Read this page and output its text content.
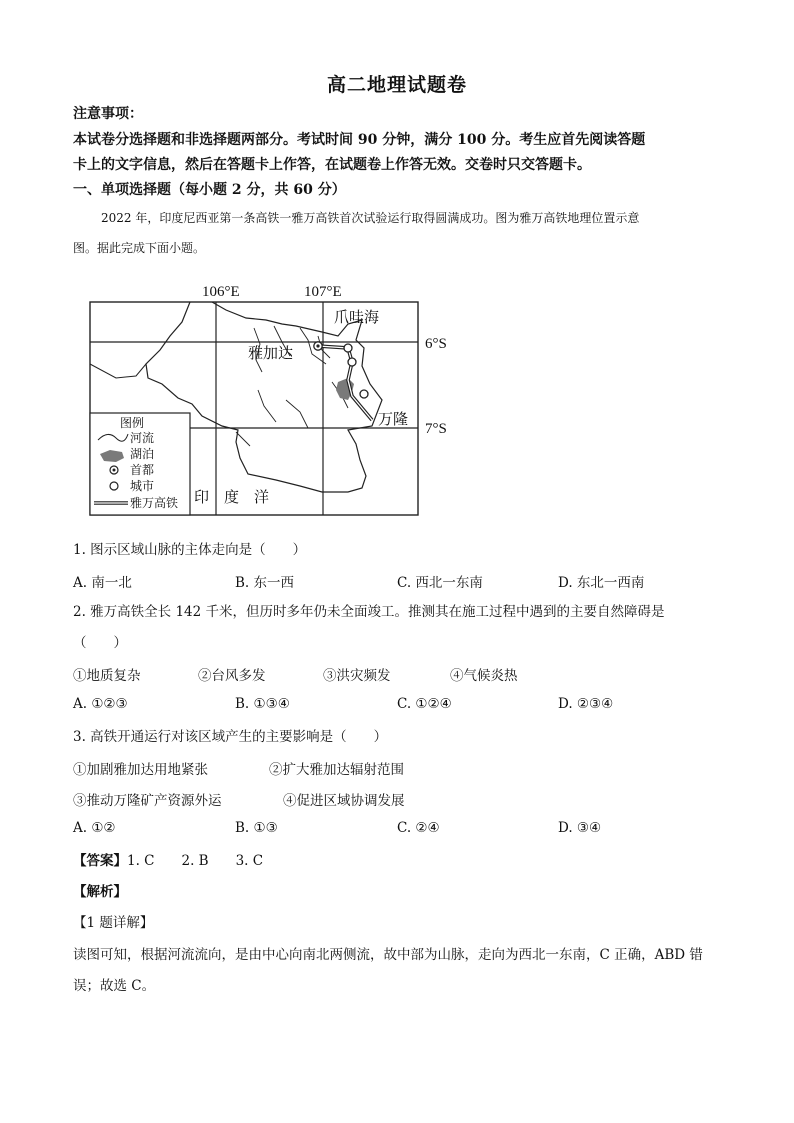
高二地理试题卷
注意事项：
本试卷分选择题和非选择题两部分。考试时间 90 分钟，满分 100 分。考生应首先阅读答题
卡上的文字信息，然后在答题卡上作答，在试题卷上作答无效。交卷时只交答题卡。
一、单项选择题（每小题 2 分，共 60 分）
2022 年，印度尼西亚第一条高铁一雅万高铁首次试验运行取得圆满成功。图为雅万高铁地理位置示意
图。据此完成下面小题。
106°E	107°E
6°S
7°S
爪哇海
雅加达
万隆
印　度　洋
图例
河流
湖泊
首都
城市
雅万高铁
1. 图示区域山脉的主体走向是（　　）
A. 南一北	B. 东一西	C. 西北一东南	D. 东北一西南
2. 雅万高铁全长 142 千米，但历时多年仍未全面竣工。推测其在施工过程中遇到的主要自然障碍是
（　　）
①地质复杂	②台风多发	③洪灾频发	④气候炎热
A. ①②③	B. ①③④	C. ①②④	D. ②③④
3. 高铁开通运行对该区域产生的主要影响是（　　）
①加剧雅加达用地紧张	②扩大雅加达辐射范围
③推动万隆矿产资源外运	④促进区域协调发展
A. ①②	B. ①③	C. ②④	D. ③④
【答案】1. C　　2. B　　3. C
【解析】
【1 题详解】
读图可知，根据河流流向，是由中心向南北两侧流，故中部为山脉，走向为西北一东南，C 正确，ABD 错
误；故选 C。
